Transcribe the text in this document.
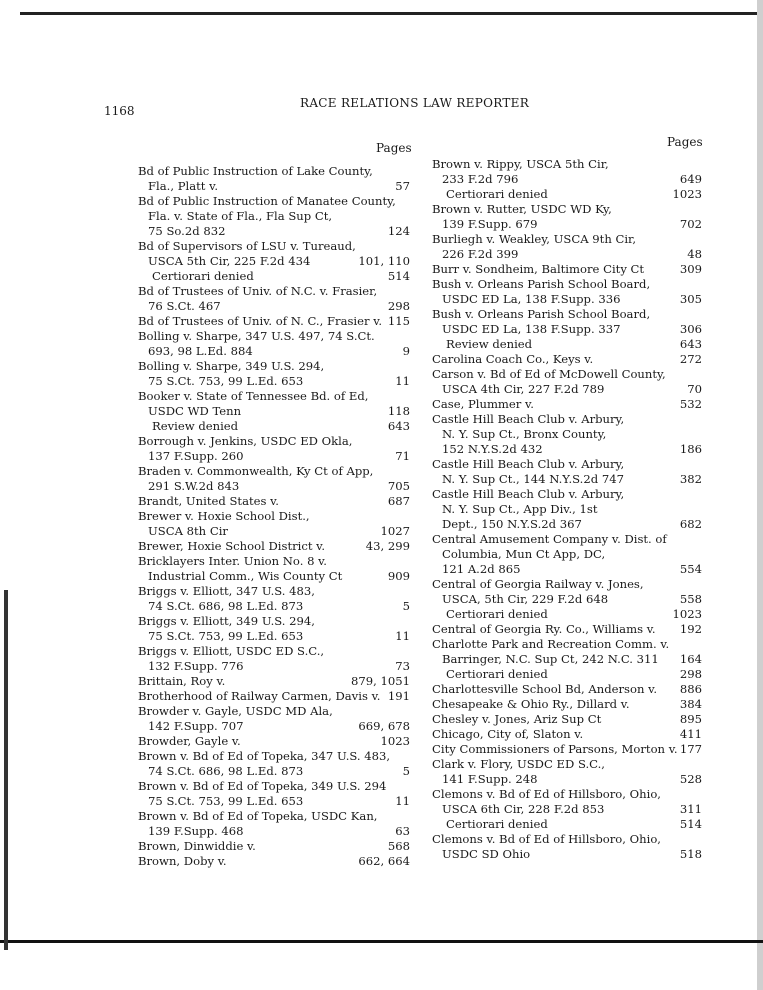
1168
RACE RELATIONS LAW REPORTER
Pages	Pages
Bd of Public Instruction of Lake County,
Fla., Platt v.	57
Bd of Public Instruction of Manatee County,
Fla. v. State of Fla., Fla Sup Ct,
75 So.2d 832	124
Bd of Supervisors of LSU v. Tureaud,
USCA 5th Cir, 225 F.2d 434	101, 110
Certiorari denied	514
Bd of Trustees of Univ. of N.C. v. Frasier,
76 S.Ct. 467	298
Bd of Trustees of Univ. of N. C., Frasier v. 115
Bolling v. Sharpe, 347 U.S. 497, 74 S.Ct.
693, 98 L.Ed. 884	9
Bolling v. Sharpe, 349 U.S. 294,
75 S.Ct. 753, 99 L.Ed. 653	11
Booker v. State of Tennessee Bd. of Ed,
USDC WD Tenn	118
Review denied	643
Borrough v. Jenkins, USDC ED Okla,
137 F.Supp. 260	71
Braden v. Commonwealth, Ky Ct of App,
291 S.W.2d 843	705
Brandt, United States v.	687
Brewer v. Hoxie School Dist.,
USCA 8th Cir	1027
Brewer, Hoxie School District v.	43, 299
Bricklayers Inter. Union No. 8 v.
Industrial Comm., Wis County Ct	909
Briggs v. Elliott, 347 U.S. 483,
74 S.Ct. 686, 98 L.Ed. 873	5
Briggs v. Elliott, 349 U.S. 294,
75 S.Ct. 753, 99 L.Ed. 653	11
Briggs v. Elliott, USDC ED S.C.,
132 F.Supp. 776	73
Brittain, Roy v.	879, 1051
Brotherhood of Railway Carmen, Davis v. 191
Browder v. Gayle, USDC MD Ala,
142 F.Supp. 707	669, 678
Browder, Gayle v.	1023
Brown v. Bd of Ed of Topeka, 347 U.S. 483,
74 S.Ct. 686, 98 L.Ed. 873	5
Brown v. Bd of Ed of Topeka, 349 U.S. 294
75 S.Ct. 753, 99 L.Ed. 653	11
Brown v. Bd of Ed of Topeka, USDC Kan,
139 F.Supp. 468	63
Brown, Dinwiddie v.	568
Brown, Doby v.	662, 664
Brown v. Rippy, USCA 5th Cir,
233 F.2d 796	649
Certiorari denied	1023
Brown v. Rutter, USDC WD Ky,
139 F.Supp. 679	702
Burliegh v. Weakley, USCA 9th Cir,
226 F.2d 399	48
Burr v. Sondheim, Baltimore City Ct	309
Bush v. Orleans Parish School Board,
USDC ED La, 138 F.Supp. 336	305
Bush v. Orleans Parish School Board,
USDC ED La, 138 F.Supp. 337	306
Review denied	643
Carolina Coach Co., Keys v.	272
Carson v. Bd of Ed of McDowell County,
USCA 4th Cir, 227 F.2d 789	70
Case, Plummer v.	532
Castle Hill Beach Club v. Arbury,
N. Y. Sup Ct., Bronx County,
152 N.Y.S.2d 432	186
Castle Hill Beach Club v. Arbury,
N. Y. Sup Ct., 144 N.Y.S.2d 747	382
Castle Hill Beach Club v. Arbury,
N. Y. Sup Ct., App Div., 1st
Dept., 150 N.Y.S.2d 367	682
Central Amusement Company v. Dist. of
Columbia, Mun Ct App, DC,
121 A.2d 865	554
Central of Georgia Railway v. Jones,
USCA, 5th Cir, 229 F.2d 648	558
Certiorari denied	1023
Central of Georgia Ry. Co., Williams v.	192
Charlotte Park and Recreation Comm. v.
Barringer, N.C. Sup Ct, 242 N.C. 311	164
Certiorari denied	298
Charlottesville School Bd, Anderson v.	886
Chesapeake & Ohio Ry., Dillard v.	384
Chesley v. Jones, Ariz Sup Ct	895
Chicago, City of, Slaton v.	411
City Commissioners of Parsons, Morton v. 177
Clark v. Flory, USDC ED S.C.,
141 F.Supp. 248	528
Clemons v. Bd of Ed of Hillsboro, Ohio,
USCA 6th Cir, 228 F.2d 853	311
Certiorari denied	514
Clemons v. Bd of Ed of Hillsboro, Ohio,
USDC SD Ohio	518
